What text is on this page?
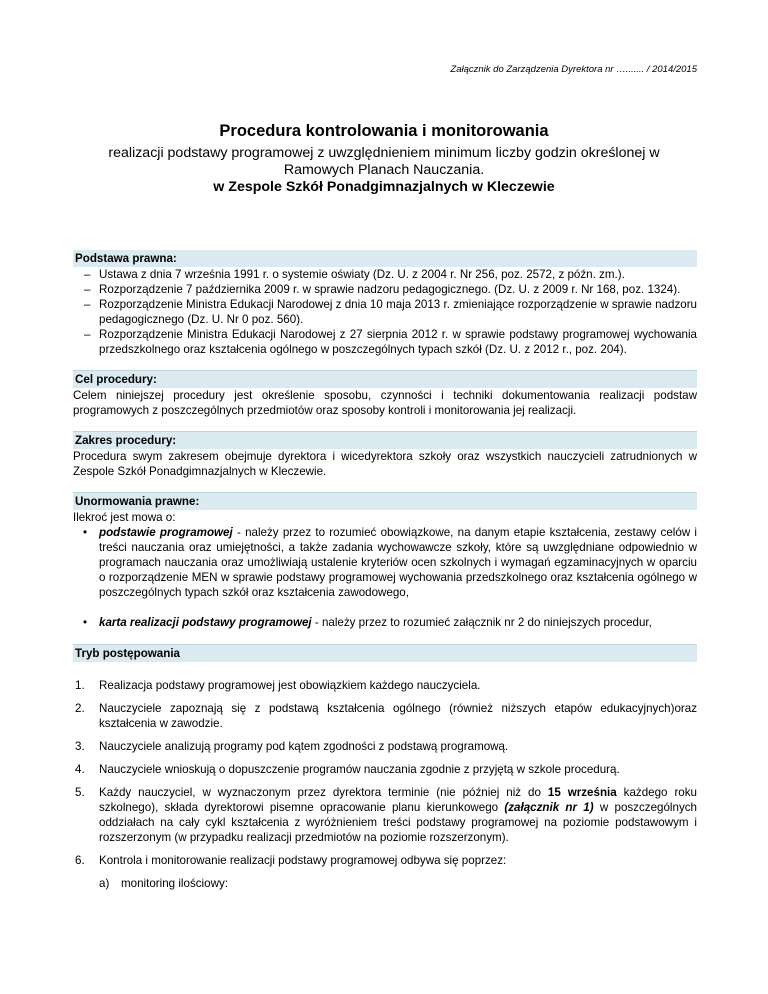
Załącznik do Zarządzenia Dyrektora nr …....... / 2014/2015
Procedura kontrolowania i monitorowania
realizacji podstawy programowej z uwzględnieniem minimum liczby godzin określonej w Ramowych Planach Nauczania.
w Zespole Szkół Ponadgimnazjalnych w Kleczewie
Podstawa prawna:
– Ustawa z dnia 7 września 1991 r. o systemie oświaty (Dz. U. z 2004 r. Nr 256, poz. 2572, z późn. zm.).
– Rozporządzenie 7 października 2009 r. w sprawie nadzoru pedagogicznego. (Dz. U. z 2009 r. Nr 168, poz. 1324).
– Rozporządzenie Ministra Edukacji Narodowej z dnia 10 maja 2013 r. zmieniające rozporządzenie w sprawie nadzoru pedagogicznego (Dz. U. Nr 0 poz. 560).
– Rozporządzenie Ministra Edukacji Narodowej z 27 sierpnia 2012 r. w sprawie podstawy programowej wychowania przedszkolnego oraz kształcenia ogólnego w poszczególnych typach szkół (Dz. U. z 2012 r., poz. 204).
Cel procedury:

Celem niniejszej procedury jest określenie sposobu, czynności i techniki dokumentowania realizacji podstaw programowych z poszczególnych przedmiotów oraz sposoby kontroli i monitorowania jej realizacji.

Zakres procedury:

Procedura swym zakresem obejmuje dyrektora i wicedyrektora szkoły oraz wszystkich nauczycieli zatrudnionych w Zespole Szkół Ponadgimnazjalnych w Kleczewie.

Unormowania prawne:

Ilekroć jest mowa o:

• podstawie programowej - należy przez to rozumieć obowiązkowe, na danym etapie kształcenia, zestawy celów i treści nauczania oraz umiejętności, a także zadania wychowawcze szkoły, które są uwzględniane odpowiednio w programach nauczania oraz umożliwiają ustalenie kryteriów ocen szkolnych i wymagań egzaminacyjnych w oparciu o rozporządzenie MEN w sprawie podstawy programowej wychowania przedszkolnego oraz kształcenia ogólnego w poszczególnych typach szkół oraz kształcenia zawodowego,
• karta realizacji podstawy programowej - należy przez to rozumieć załącznik nr 2 do niniejszych procedur,
Tryb postępowania
1. Realizacja podstawy programowej jest obowiązkiem każdego nauczyciela.
2. Nauczyciele zapoznają się z podstawą kształcenia ogólnego (również niższych etapów edukacyjnych)oraz kształcenia w zawodzie.
3. Nauczyciele analizują programy pod kątem zgodności z podstawą programową.
4. Nauczyciele wnioskują o dopuszczenie programów nauczania zgodnie z przyjętą w szkole procedurą.
5. Każdy nauczyciel, w wyznaczonym przez dyrektora terminie (nie później niż do 15 września każdego roku szkolnego), składa dyrektorowi pisemne opracowanie planu kierunkowego (załącznik nr 1) w poszczególnych oddziałach na cały cykl kształcenia z wyróżnieniem treści podstawy programowej na poziomie podstawowym i rozszerzonym (w przypadku realizacji przedmiotów na poziomie rozszerzonym).
6. Kontrola i monitorowanie realizacji podstawy programowej odbywa się poprzez:
a) monitoring ilościowy:
